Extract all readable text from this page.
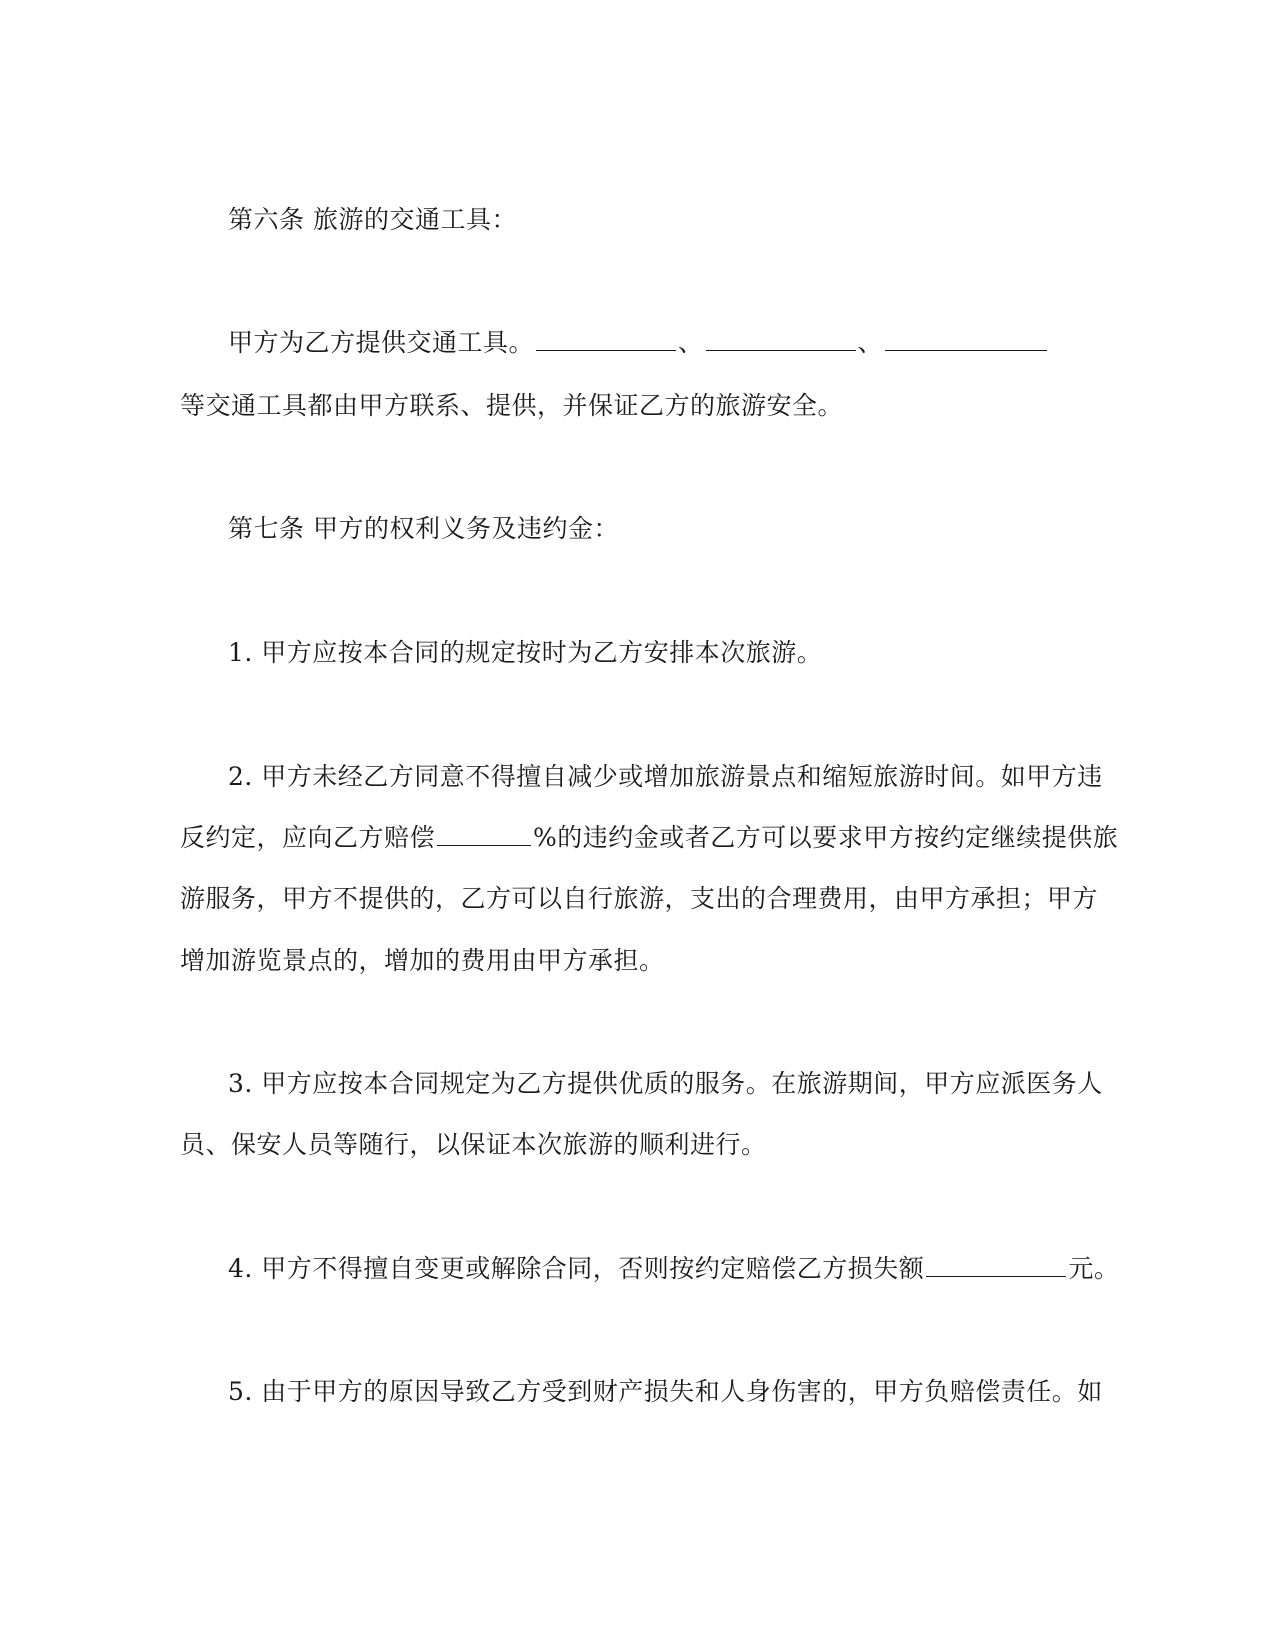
第六条 旅游的交通工具：
甲方为乙方提供交通工具。	、	、
等交通工具都由甲方联系、提供，并保证乙方的旅游安全。
第七条 甲方的权利义务及违约金：
1. 甲方应按本合同的规定按时为乙方安排本次旅游。
2. 甲方未经乙方同意不得擅自减少或增加旅游景点和缩短旅游时间。如甲方违
反约定，应向乙方赔偿	%的违约金或者乙方可以要求甲方按约定继续提供旅
游服务，甲方不提供的，乙方可以自行旅游，支出的合理费用，由甲方承担；甲方
增加游览景点的，增加的费用由甲方承担。
3. 甲方应按本合同规定为乙方提供优质的服务。在旅游期间，甲方应派医务人
员、保安人员等随行，以保证本次旅游的顺利进行。
4. 甲方不得擅自变更或解除合同，否则按约定赔偿乙方损失额	元。
5. 由于甲方的原因导致乙方受到财产损失和人身伤害的，甲方负赔偿责任。如
